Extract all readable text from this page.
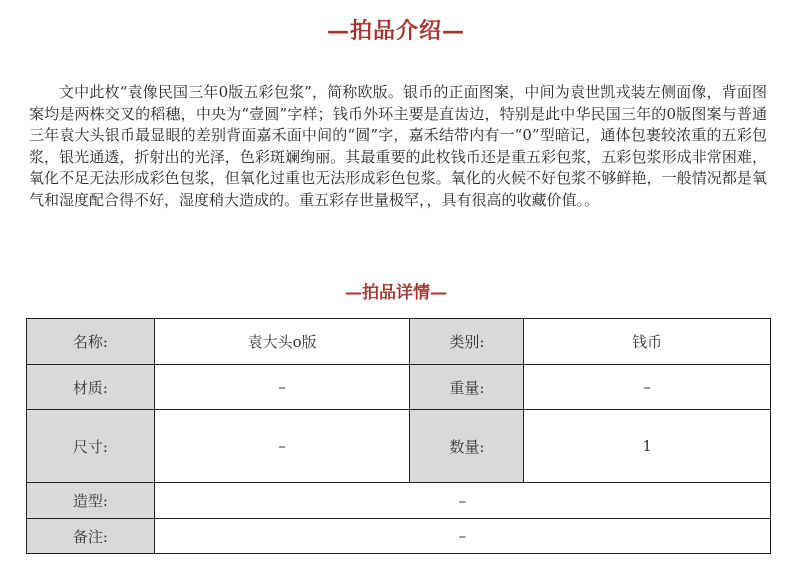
—拍品介绍—

文中此枚“袁像民国三年0版五彩包浆”，简称欧版。银币的正面图案，中间为袁世凯戎装左侧面像，背面图案均是两株交叉的稻穗，中央为“壹圆”字样；钱币外环主要是直齿边，特别是此中华民国三年的0版图案与普通三年袁大头银币最显眼的差别背面嘉禾面中间的“圆”字，嘉禾结带内有一“0”型暗记，通体包裹较浓重的五彩包浆，银光通透，折射出的光泽，色彩斑斓绚丽。其最重要的此枚钱币还是重五彩包浆，五彩包浆形成非常困难，氧化不足无法形成彩色包浆，但氧化过重也无法形成彩色包浆。氧化的火候不好包浆不够鲜艳，一般情况都是氧气和湿度配合得不好，湿度稍大造成的。重五彩存世量极罕，，具有很高的收藏价值。。

—拍品详情—
名称:	袁大头o版	类别:	钱币
材质:	–	重量:	–
尺寸:	–	数量:	1
造型:	–		
备注:	–		
